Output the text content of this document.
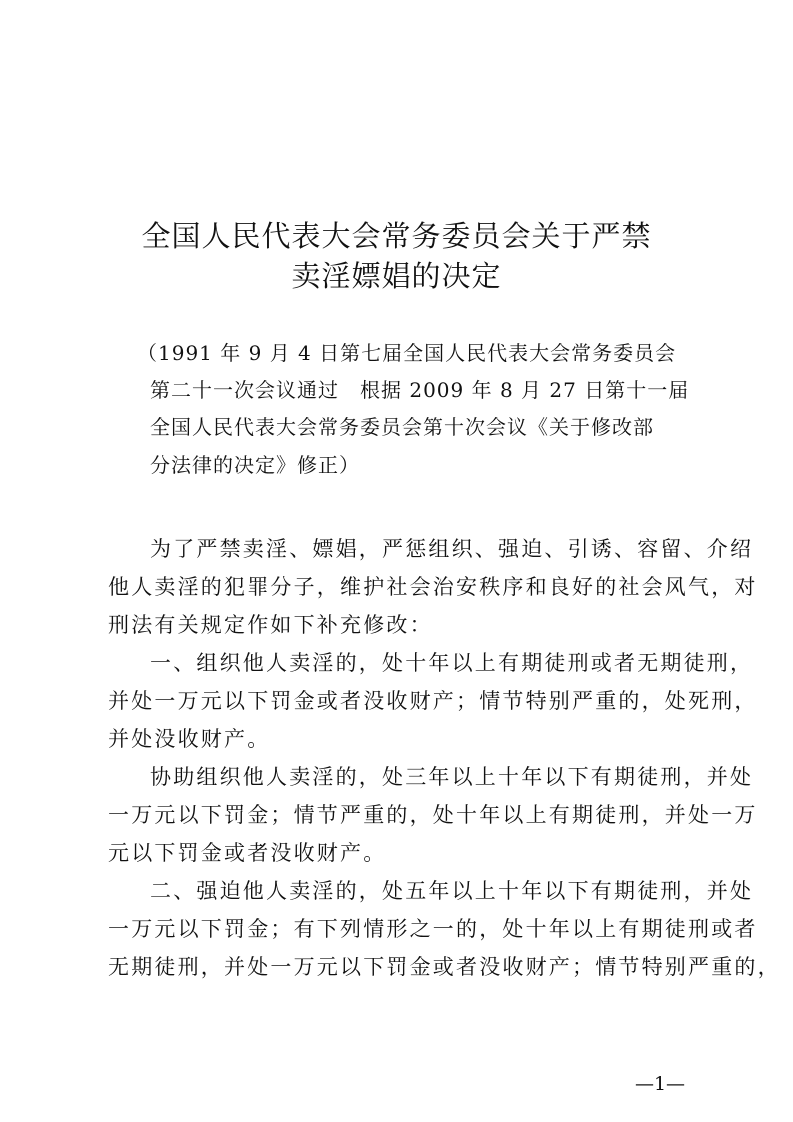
全国人民代表大会常务委员会关于严禁
卖淫嫖娼的决定
（1991 年 9 月 4 日第七届全国人民代表大会常务委员会
第二十一次会议通过　根据 2009 年 8 月 27 日第十一届
全国人民代表大会常务委员会第十次会议《关于修改部
分法律的决定》修正）
为了严禁卖淫、嫖娼，严惩组织、强迫、引诱、容留、介绍
他人卖淫的犯罪分子，维护社会治安秩序和良好的社会风气，对
刑法有关规定作如下补充修改：
一、组织他人卖淫的，处十年以上有期徒刑或者无期徒刑，
并处一万元以下罚金或者没收财产；情节特别严重的，处死刑，
并处没收财产。
协助组织他人卖淫的，处三年以上十年以下有期徒刑，并处
一万元以下罚金；情节严重的，处十年以上有期徒刑，并处一万
元以下罚金或者没收财产。
二、强迫他人卖淫的，处五年以上十年以下有期徒刑，并处
一万元以下罚金；有下列情形之一的，处十年以上有期徒刑或者
无期徒刑，并处一万元以下罚金或者没收财产；情节特别严重的，
—1—
